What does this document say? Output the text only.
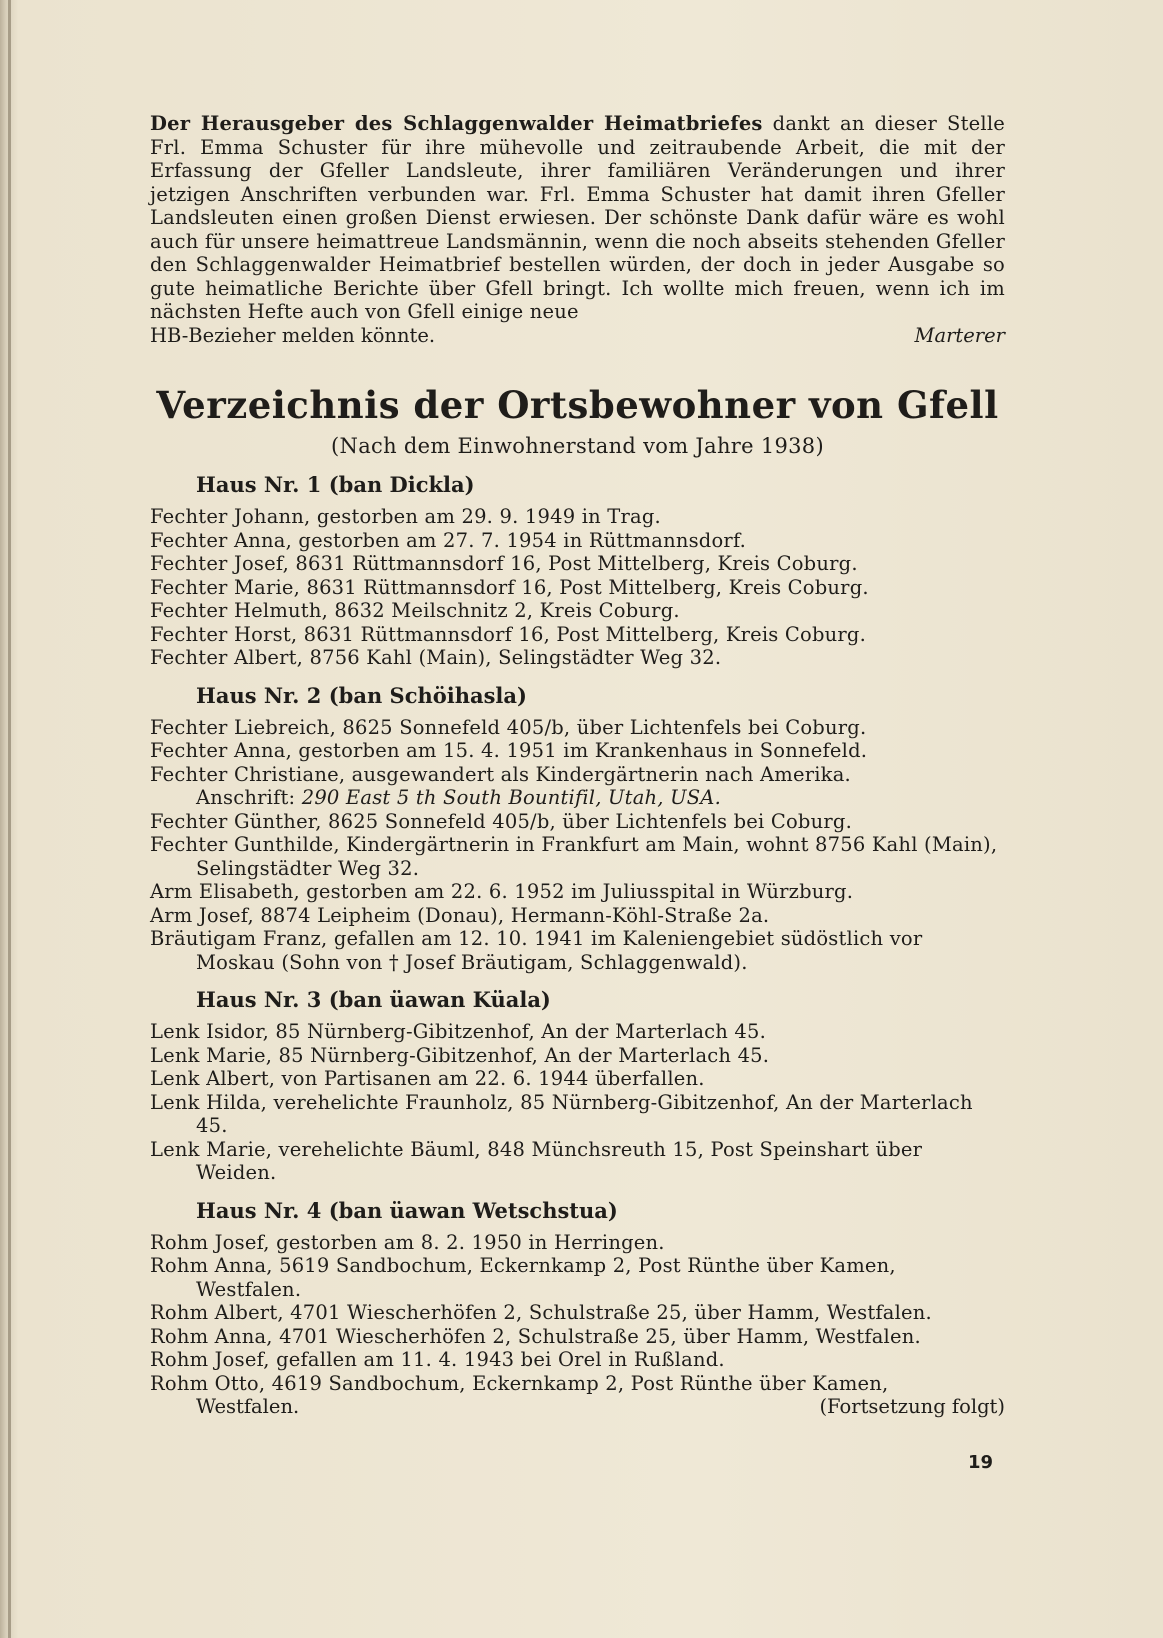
Der Herausgeber des Schlaggenwalder Heimatbriefes dankt an dieser Stelle Frl. Emma Schuster für ihre mühevolle und zeitraubende Arbeit, die mit der Erfassung der Gfeller Landsleute, ihrer familiären Veränderungen und ihrer jetzigen Anschriften verbunden war. Frl. Emma Schuster hat damit ihren Gfeller Landsleuten einen großen Dienst erwiesen. Der schönste Dank dafür wäre es wohl auch für unsere heimattreue Landsmännin, wenn die noch abseits stehenden Gfeller den Schlaggenwalder Heimatbrief bestellen würden, der doch in jeder Ausgabe so gute heimatliche Berichte über Gfell bringt. Ich wollte mich freuen, wenn ich im nächsten Hefte auch von Gfell einige neue

HB-Bezieher melden könnte.	Marterer
Verzeichnis der Ortsbewohner von Gfell
(Nach dem Einwohnerstand vom Jahre 1938)
Haus Nr. 1 (ban Dickla)

Fechter Johann, gestorben am 29. 9. 1949 in Trag.

Fechter Anna, gestorben am 27. 7. 1954 in Rüttmannsdorf.

Fechter Josef, 8631 Rüttmannsdorf 16, Post Mittelberg, Kreis Coburg.

Fechter Marie, 8631 Rüttmannsdorf 16, Post Mittelberg, Kreis Coburg.

Fechter Helmuth, 8632 Meilschnitz 2, Kreis Coburg.

Fechter Horst, 8631 Rüttmannsdorf 16, Post Mittelberg, Kreis Coburg.

Fechter Albert, 8756 Kahl (Main), Selingstädter Weg 32.

Haus Nr. 2 (ban Schöihasla)

Fechter Liebreich, 8625 Sonnefeld 405/b, über Lichtenfels bei Coburg.

Fechter Anna, gestorben am 15. 4. 1951 im Krankenhaus in Sonnefeld.

Fechter Christiane, ausgewandert als Kindergärtnerin nach Amerika.

Anschrift: 290 East 5 th South Bountifil, Utah, USA.

Fechter Günther, 8625 Sonnefeld 405/b, über Lichtenfels bei Coburg.

Fechter Gunthilde, Kindergärtnerin in Frankfurt am Main, wohnt 8756 Kahl (Main), Selingstädter Weg 32.

Arm Elisabeth, gestorben am 22. 6. 1952 im Juliusspital in Würzburg.

Arm Josef, 8874 Leipheim (Donau), Hermann-Köhl-Straße 2a.

Bräutigam Franz, gefallen am 12. 10. 1941 im Kaleniengebiet südöstlich vor Moskau (Sohn von † Josef Bräutigam, Schlaggenwald).

Haus Nr. 3 (ban üawan Küala)

Lenk Isidor, 85 Nürnberg-Gibitzenhof, An der Marterlach 45.

Lenk Marie, 85 Nürnberg-Gibitzenhof, An der Marterlach 45.

Lenk Albert, von Partisanen am 22. 6. 1944 überfallen.

Lenk Hilda, verehelichte Fraunholz, 85 Nürnberg-Gibitzenhof, An der Marterlach 45.

Lenk Marie, verehelichte Bäuml, 848 Münchsreuth 15, Post Speinshart über Weiden.

Haus Nr. 4 (ban üawan Wetschstua)

Rohm Josef, gestorben am 8. 2. 1950 in Herringen.

Rohm Anna, 5619 Sandbochum, Eckernkamp 2, Post Rünthe über Kamen, Westfalen.

Rohm Albert, 4701 Wiescherhöfen 2, Schulstraße 25, über Hamm, Westfalen.

Rohm Anna, 4701 Wiescherhöfen 2, Schulstraße 25, über Hamm, Westfalen.

Rohm Josef, gefallen am 11. 4. 1943 bei Orel in Rußland.

Rohm Otto, 4619 Sandbochum, Eckernkamp 2, Post Rünthe über Kamen,

Westfalen.	(Fortsetzung folgt)
19
